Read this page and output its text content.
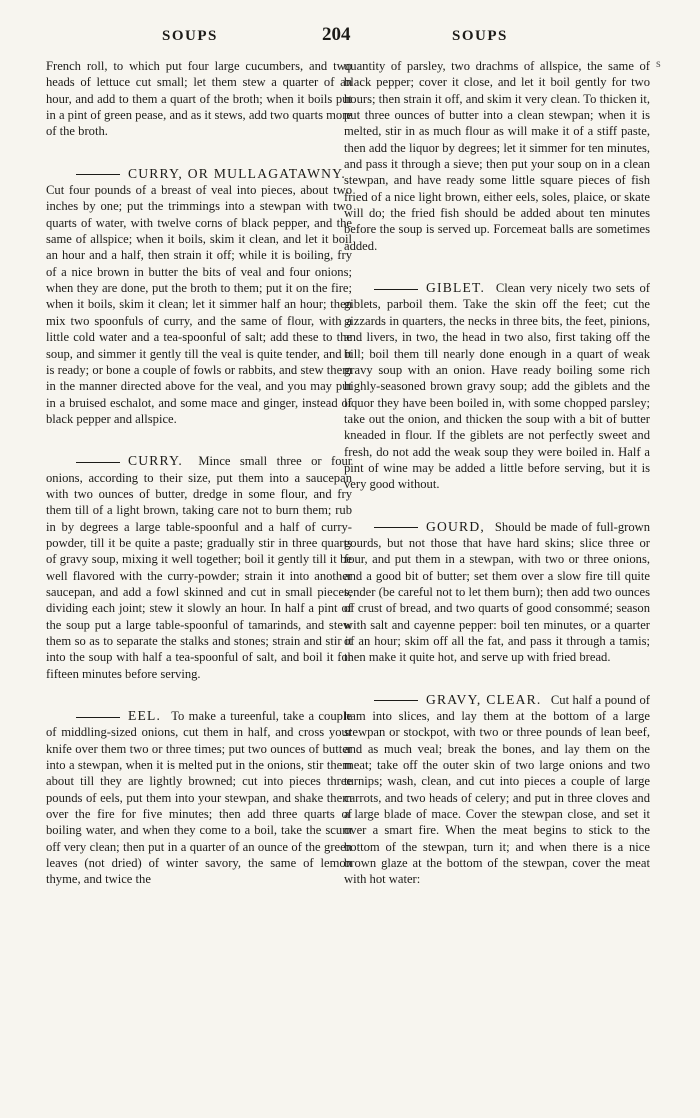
SOUPS	204	SOUPS
s

French roll, to which put four large cucumbers, and two heads of lettuce cut small; let them stew a quarter of an hour, and add to them a quart of the broth; when it boils put in a pint of green pease, and as it stews, add two quarts more of the broth.

CURRY, OR MULLAGATAWNY. Cut four pounds of a breast of veal into pieces, about two inches by one; put the trimmings into a stewpan with two quarts of water, with twelve corns of black pepper, and the same of allspice; when it boils, skim it clean, and let it boil an hour and a half, then strain it off; while it is boiling, fry of a nice brown in butter the bits of veal and four onions; when they are done, put the broth to them; put it on the fire; when it boils, skim it clean; let it simmer half an hour; then mix two spoonfuls of curry, and the same of flour, with a little cold water and a tea-spoonful of salt; add these to the soup, and simmer it gently till the veal is quite tender, and it is ready; or bone a couple of fowls or rabbits, and stew them in the manner directed above for the veal, and you may put in a bruised eschalot, and some mace and ginger, instead of black pepper and allspice.

CURRY. Mince small three or four onions, according to their size, put them into a saucepan with two ounces of butter, dredge in some flour, and fry them till of a light brown, taking care not to burn them; rub in by degrees a large table-spoonful and a half of curry-powder, till it be quite a paste; gradually stir in three quarts of gravy soup, mixing it well together; boil it gently till it be well flavored with the curry-powder; strain it into another saucepan, and add a fowl skinned and cut in small pieces, dividing each joint; stew it slowly an hour. In half a pint of the soup put a large table-spoonful of tamarinds, and stew them so as to separate the stalks and stones; strain and stir it into the soup with half a tea-spoonful of salt, and boil it for fifteen minutes before serving.

EEL. To make a tureenful, take a couple of middling-sized onions, cut them in half, and cross your knife over them two or three times; put two ounces of butter into a stewpan, when it is melted put in the onions, stir them about till they are lightly browned; cut into pieces three pounds of eels, put them into your stewpan, and shake them over the fire for five minutes; then add three quarts of boiling water, and when they come to a boil, take the scum off very clean; then put in a quarter of an ounce of the green leaves (not dried) of winter savory, the same of lemon thyme, and twice the

quantity of parsley, two drachms of allspice, the same of black pepper; cover it close, and let it boil gently for two hours; then strain it off, and skim it very clean. To thicken it, put three ounces of butter into a clean stewpan; when it is melted, stir in as much flour as will make it of a stiff paste, then add the liquor by degrees; let it simmer for ten minutes, and pass it through a sieve; then put your soup on in a clean stewpan, and have ready some little square pieces of fish fried of a nice light brown, either eels, soles, plaice, or skate will do; the fried fish should be added about ten minutes before the soup is served up. Forcemeat balls are sometimes added.

GIBLET. Clean very nicely two sets of giblets, parboil them. Take the skin off the feet; cut the gizzards in quarters, the necks in three bits, the feet, pinions, and livers, in two, the head in two also, first taking off the bill; boil them till nearly done enough in a quart of weak gravy soup with an onion. Have ready boiling some rich highly-seasoned brown gravy soup; add the giblets and the liquor they have been boiled in, with some chopped parsley; take out the onion, and thicken the soup with a bit of butter kneaded in flour. If the giblets are not perfectly sweet and fresh, do not add the weak soup they were boiled in. Half a pint of wine may be added a little before serving, but it is very good without.

GOURD, Should be made of full-grown gourds, but not those that have hard skins; slice three or four, and put them in a stewpan, with two or three onions, and a good bit of butter; set them over a slow fire till quite tender (be careful not to let them burn); then add two ounces of crust of bread, and two quarts of good consommé; season with salt and cayenne pepper: boil ten minutes, or a quarter of an hour; skim off all the fat, and pass it through a tamis; then make it quite hot, and serve up with fried bread.

GRAVY, CLEAR. Cut half a pound of ham into slices, and lay them at the bottom of a large stewpan or stockpot, with two or three pounds of lean beef, and as much veal; break the bones, and lay them on the meat; take off the outer skin of two large onions and two turnips; wash, clean, and cut into pieces a couple of large carrots, and two heads of celery; and put in three cloves and a large blade of mace. Cover the stewpan close, and set it over a smart fire. When the meat begins to stick to the bottom of the stewpan, turn it; and when there is a nice brown glaze at the bottom of the stewpan, cover the meat with hot water:
